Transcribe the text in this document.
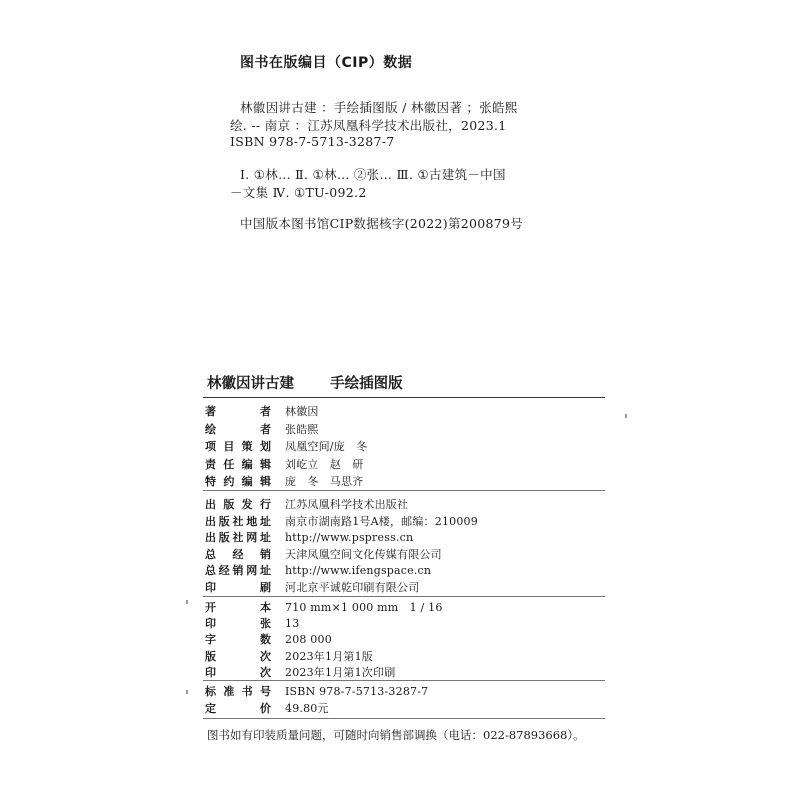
图书在版编目（CIP）数据
林徽因讲古建 ：手绘插图版 / 林徽因著 ；张皓熙
绘. -- 南京 ：江苏凤凰科学技术出版社，2023.1
ISBN 978-7-5713-3287-7
Ⅰ. ①林… Ⅱ. ①林… ②张… Ⅲ. ①古建筑－中国
－文集 Ⅳ. ①TU-092.2
中国版本图书馆CIP数据核字(2022)第200879号
林徽因讲古建 手绘插图版
著	者 林徽因
绘	者 张皓熙
项 目 策 划 凤凰空间/庞　冬
责 任 编 辑 刘屹立　赵　研
特 约 编 辑 庞　冬　马思齐
出 版 发 行 江苏凤凰科学技术出版社
出 版 社 地 址 南京市湖南路1号A楼，邮编：210009
出 版 社 网 址 http://www.pspress.cn
总 经 销 天津凤凰空间文化传媒有限公司
总 经 销 网 址 http://www.ifengspace.cn
印	刷 河北京平诚乾印刷有限公司
开	本 710 mm×1 000 mm　1 / 16
印	张 13
字	数 208 000
版	次 2023年1月第1版
印	次 2023年1月第1次印刷
标 准 书 号 ISBN 978-7-5713-3287-7
定	价 49.80元
图书如有印装质量问题，可随时向销售部调换（电话：022-87893668）。
